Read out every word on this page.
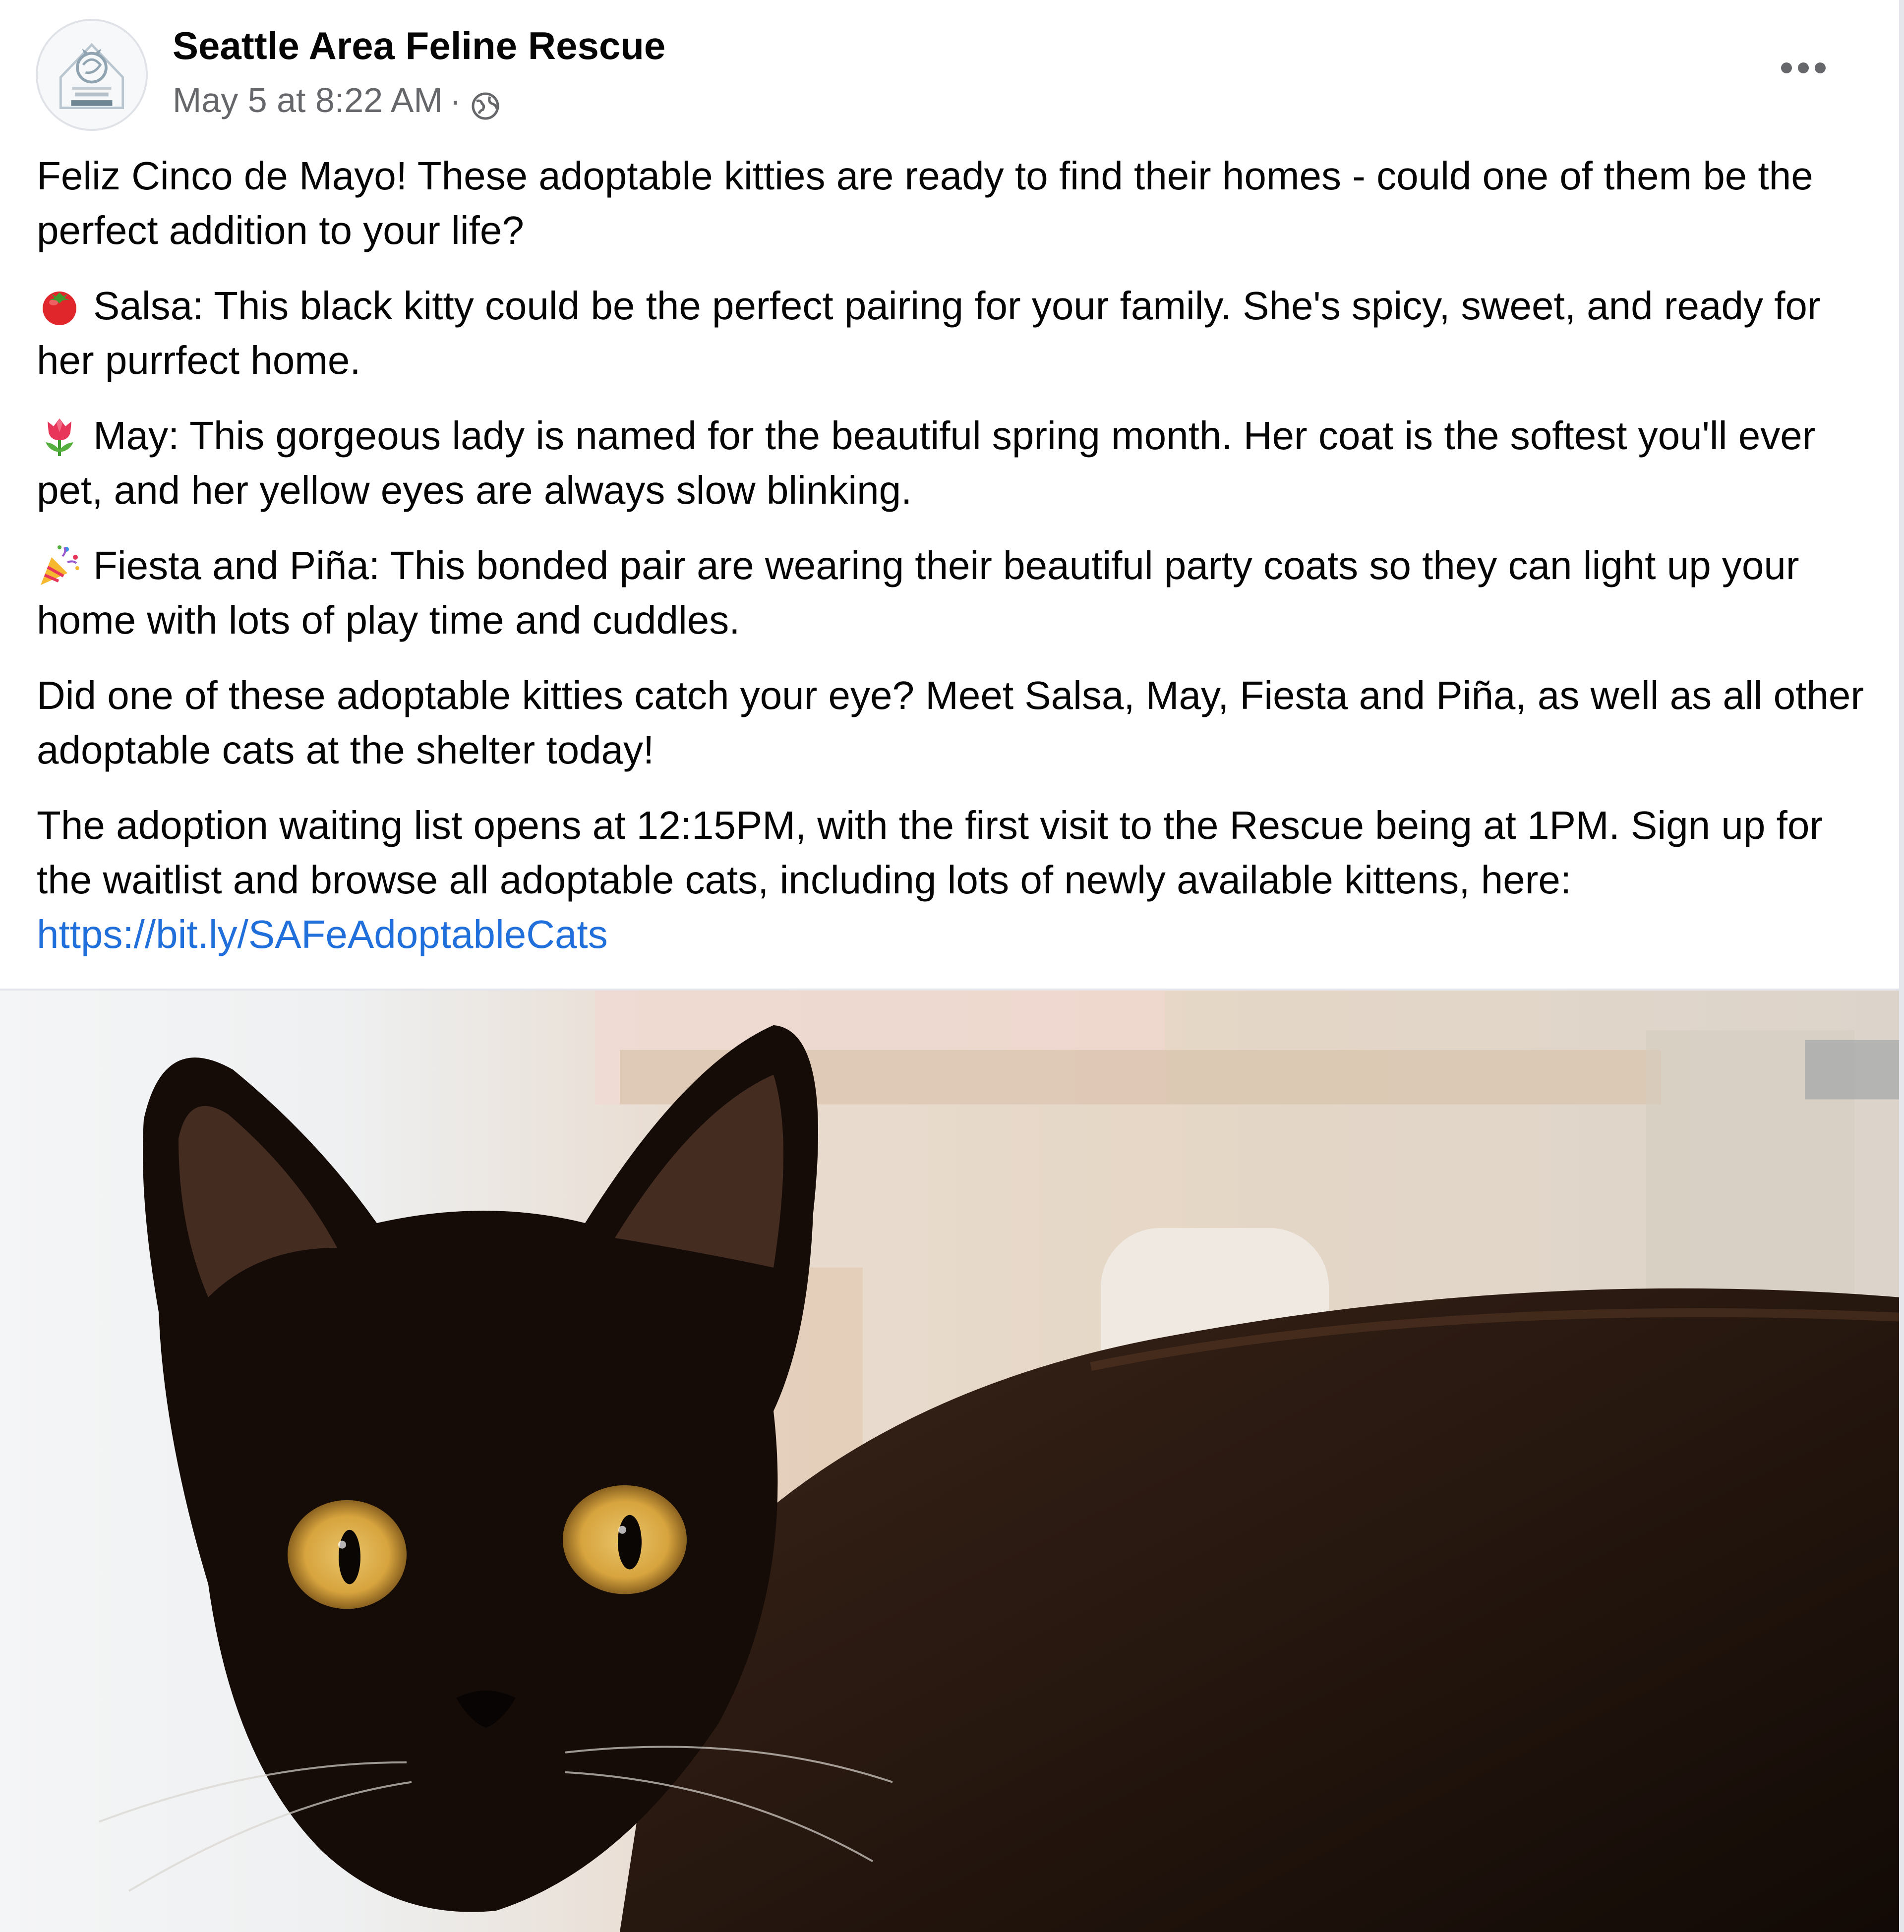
Seattle Area Feline Rescue
May 5 at 8:22 AM ·

Feliz Cinco de Mayo! These adoptable kitties are ready to find their homes - could one of them be the perfect addition to your life?

Salsa: This black kitty could be the perfect pairing for your family. She's spicy, sweet, and ready for her purrfect home.

May: This gorgeous lady is named for the beautiful spring month. Her coat is the softest you'll ever pet, and her yellow eyes are always slow blinking.

Fiesta and Piña: This bonded pair are wearing their beautiful party coats so they can light up your home with lots of play time and cuddles.

Did one of these adoptable kitties catch your eye? Meet Salsa, May, Fiesta and Piña, as well as all other adoptable cats at the shelter today!

The adoption waiting list opens at 12:15PM, with the first visit to the Rescue being at 1PM. Sign up for the waitlist and browse all adoptable cats, including lots of newly available kittens, here: https://bit.ly/SAFeAdoptableCats
